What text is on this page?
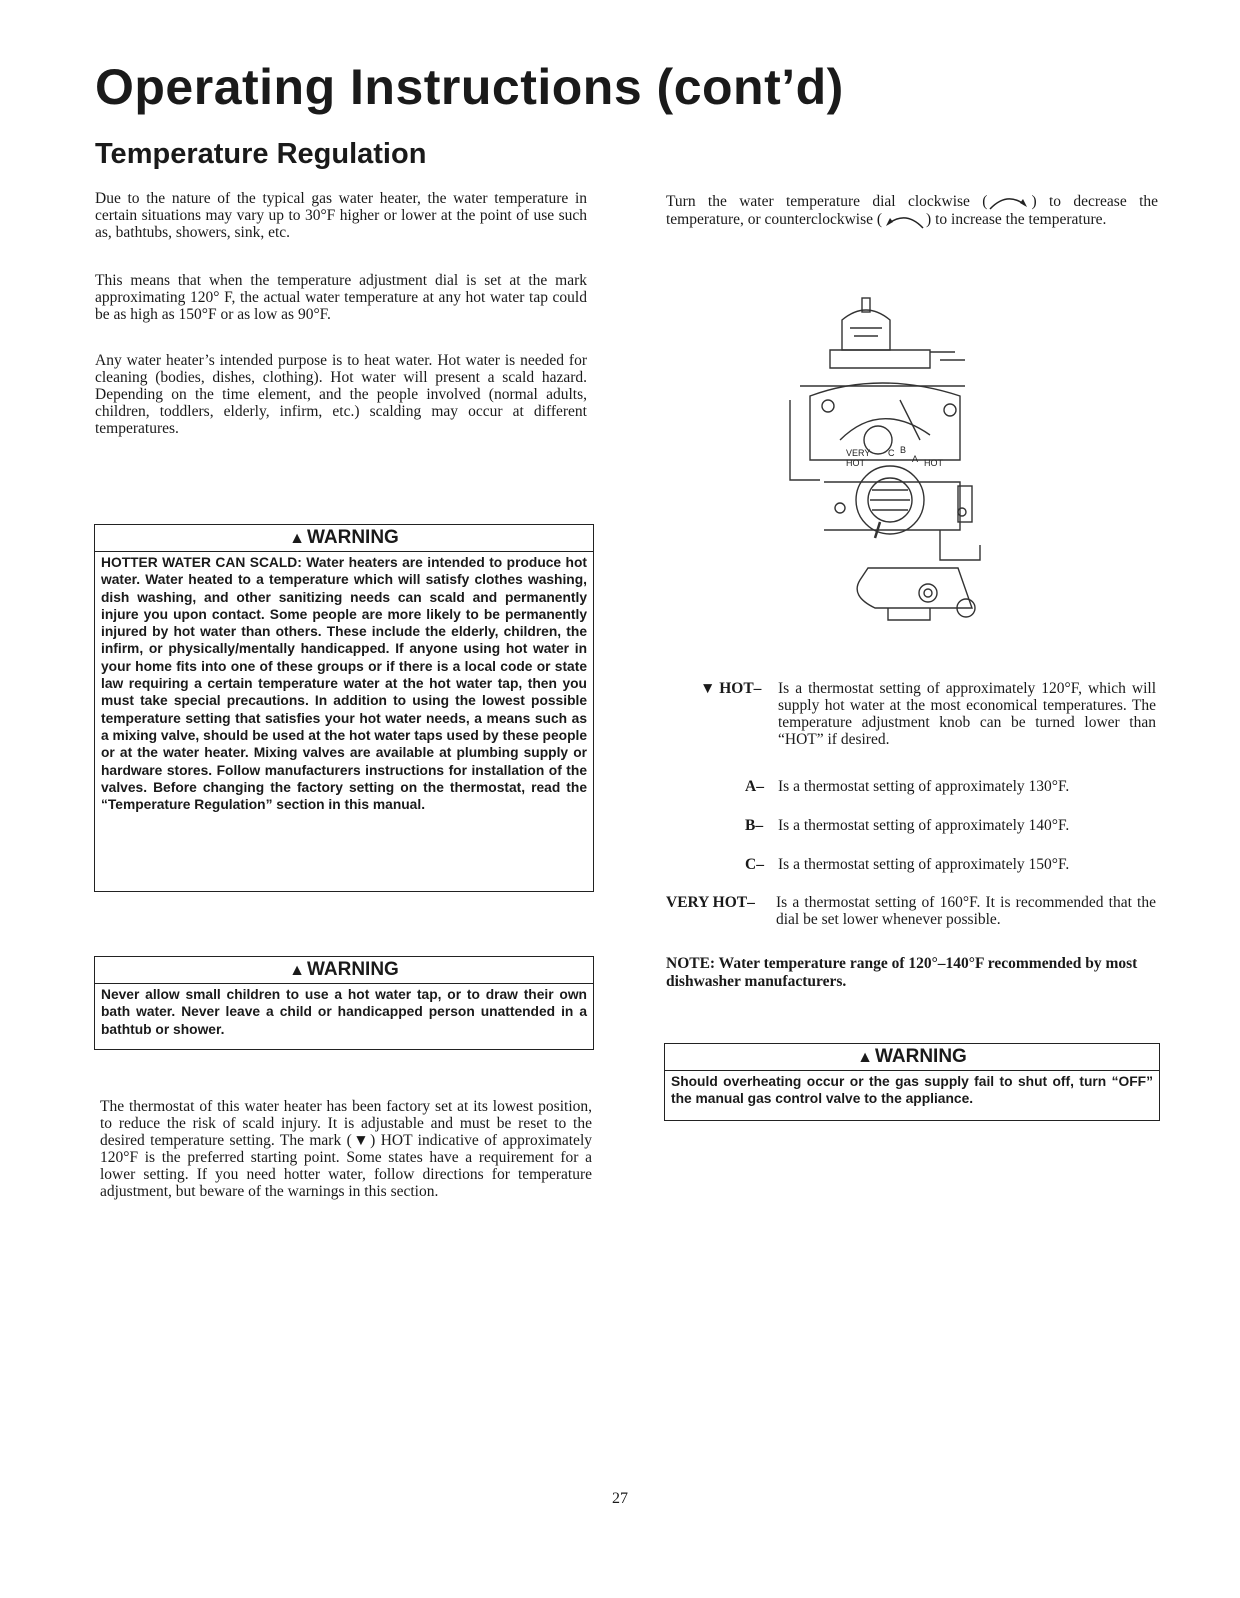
Operating Instructions (cont’d)
Temperature Regulation

Due to the nature of the typical gas water heater, the water temperature in certain situations may vary up to 30°F higher or lower at the point of use such as, bathtubs, showers, sink, etc.

This means that when the temperature adjustment dial is set at the mark approximating 120° F, the actual water temperature at any hot water tap could be as high as 150°F or as low as 90°F.

Any water heater’s intended purpose is to heat water. Hot water is needed for cleaning (bodies, dishes, clothing). Hot water will present a scald hazard. Depending on the time element, and the people involved (normal adults, children, toddlers, elderly, infirm, etc.) scalding may occur at different temperatures.

▲ WARNING

HOTTER WATER CAN SCALD: Water heaters are intended to produce hot water. Water heated to a temperature which will satisfy clothes washing, dish washing, and other sanitizing needs can scald and permanently injure you upon contact. Some people are more likely to be permanently injured by hot water than others. These include the elderly, children, the infirm, or physically/mentally handicapped. If anyone using hot water in your home fits into one of these groups or if there is a local code or state law requiring a certain temperature water at the hot water tap, then you must take special precautions. In addition to using the lowest possible temperature setting that satisfies your hot water needs, a means such as a mixing valve, should be used at the hot water taps used by these people or at the water heater. Mixing valves are available at plumbing supply or hardware stores. Follow manufacturers instructions for installation of the valves. Before changing the factory setting on the thermostat, read the “Temperature Regulation” section in this manual.

▲ WARNING

Never allow small children to use a hot water tap, or to draw their own bath water. Never leave a child or handicapped person unattended in a bathtub or shower.

The thermostat of this water heater has been factory set at its lowest position, to reduce the risk of scald injury. It is adjustable and must be reset to the desired temperature setting. The mark (▼) HOT indicative of approximately 120°F is the preferred starting point. Some states have a requirement for a lower setting. If you need hotter water, follow directions for temperature adjustment, but beware of the warnings in this section.

Turn the water temperature dial clockwise (	) to decrease the temperature, or counterclockwise (	) to increase the temperature.

VERY
HOT
C B
A HOT
▼ HOT– Is a thermostat setting of approximately 120°F, which will supply hot water at the most economical temperatures. The temperature adjustment knob can be turned lower than “HOT” if desired.

A– Is a thermostat setting of approximately 130°F.

B– Is a thermostat setting of approximately 140°F.

C– Is a thermostat setting of approximately 150°F.

VERY HOT– Is a thermostat setting of 160°F. It is recommended that the dial be set lower whenever possible.

NOTE: Water temperature range of 120°–140°F recommended by most dishwasher manufacturers.

▲ WARNING

Should overheating occur or the gas supply fail to shut off, turn “OFF” the manual gas control valve to the appliance.

27
